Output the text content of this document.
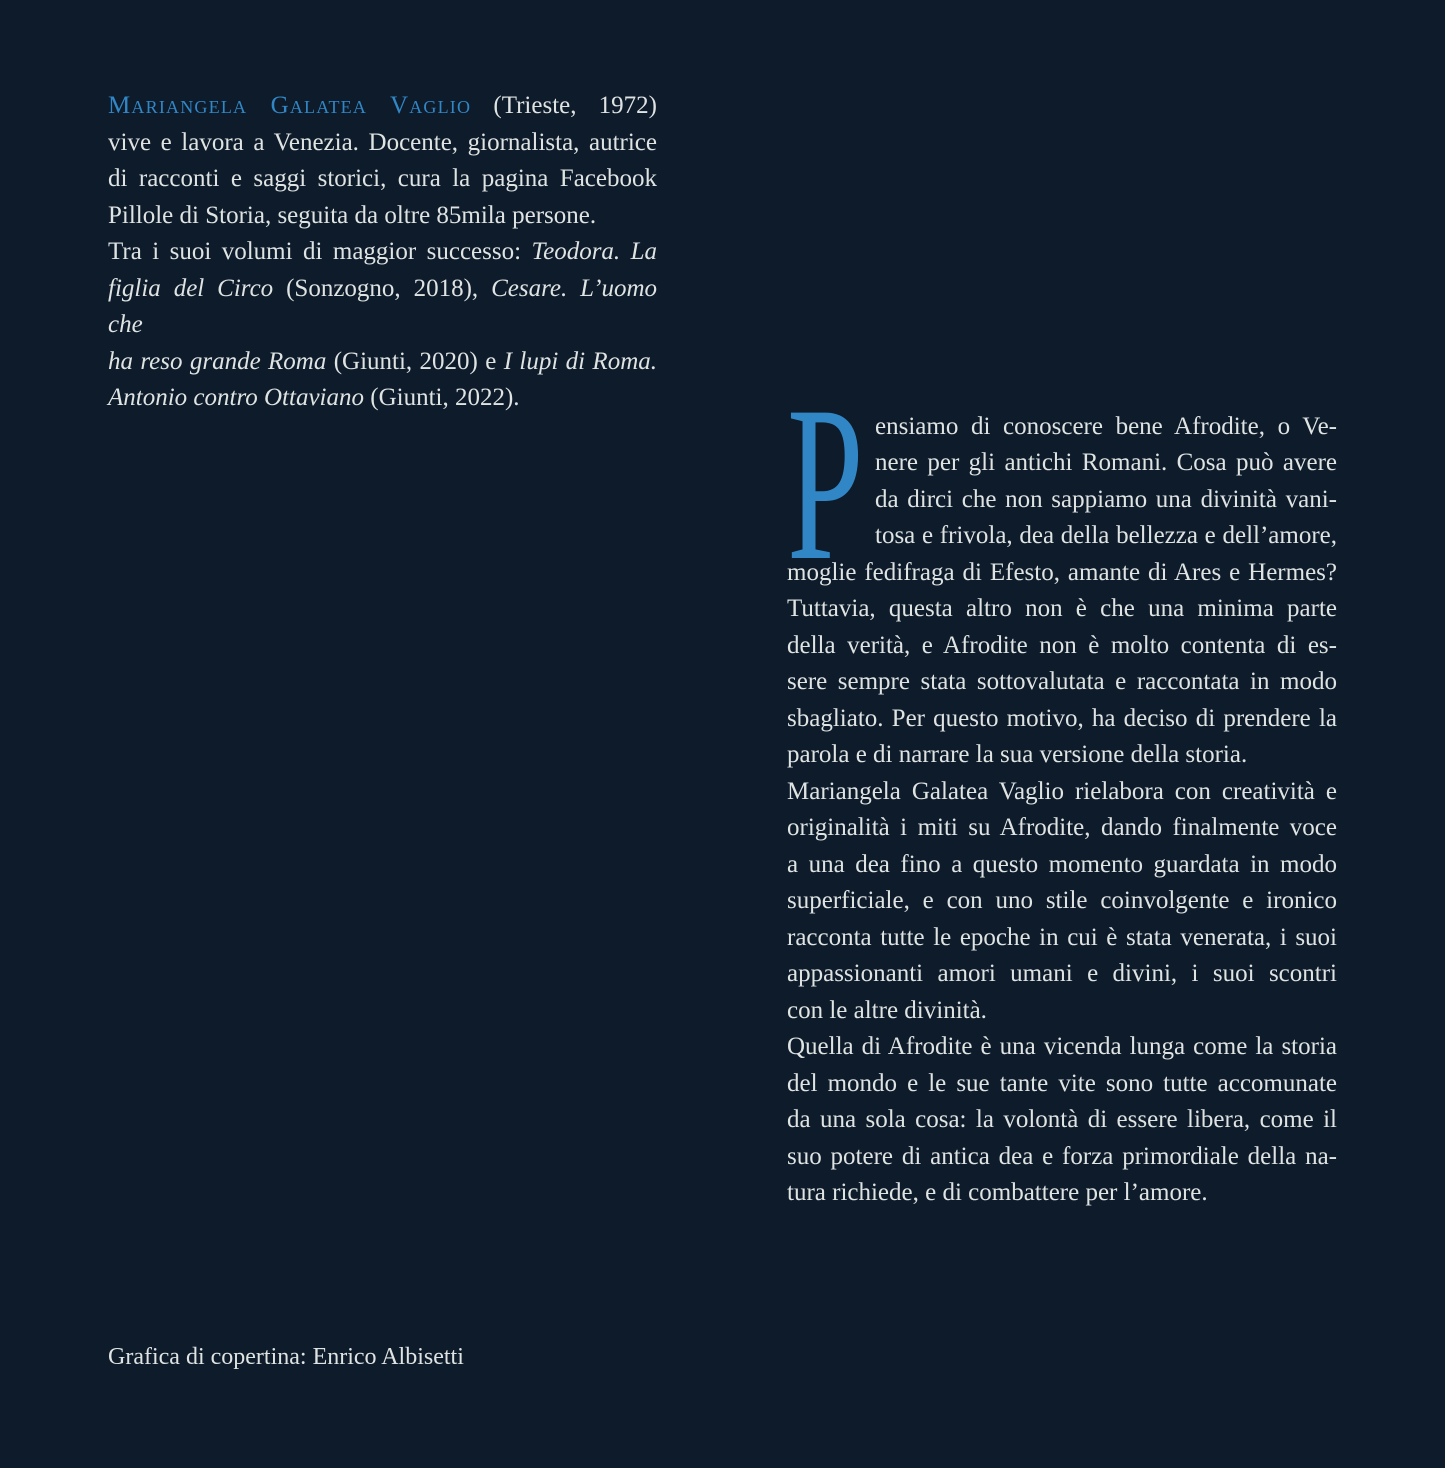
Mariangela Galatea Vaglio (Trieste, 1972)
vive e lavora a Venezia. Docente, giornalista, autrice
di racconti e saggi storici, cura la pagina Facebook
Pillole di Storia, seguita da oltre 85mila persone.
Tra i suoi volumi di maggior successo: Teodora. La
figlia del Circo (Sonzogno, 2018), Cesare. L’uomo che
ha reso grande Roma (Giunti, 2020) e I lupi di Roma.
Antonio contro Ottaviano (Giunti, 2022).	P ensiamo di conoscere bene Afrodite, o Ve-
nere per gli antichi Romani. Cosa può avere
da dirci che non sappiamo una divinità vani-
tosa e frivola, dea della bellezza e dell’amore,
moglie fedifraga di Efesto, amante di Ares e Hermes?
Tuttavia, questa altro non è che una minima parte
della verità, e Afrodite non è molto contenta di es-
sere sempre stata sottovalutata e raccontata in modo
sbagliato. Per questo motivo, ha deciso di prendere la
parola e di narrare la sua versione della storia.
Mariangela Galatea Vaglio rielabora con creatività e
originalità i miti su Afrodite, dando finalmente voce
a una dea fino a questo momento guardata in modo
superficiale, e con uno stile coinvolgente e ironico
racconta tutte le epoche in cui è stata venerata, i suoi
appassionanti amori umani e divini, i suoi scontri
con le altre divinità.
Quella di Afrodite è una vicenda lunga come la storia
del mondo e le sue tante vite sono tutte accomunate
da una sola cosa: la volontà di essere libera, come il
suo potere di antica dea e forza primordiale della na-
tura richiede, e di combattere per l’amore.
Grafica di copertina: Enrico Albisetti
